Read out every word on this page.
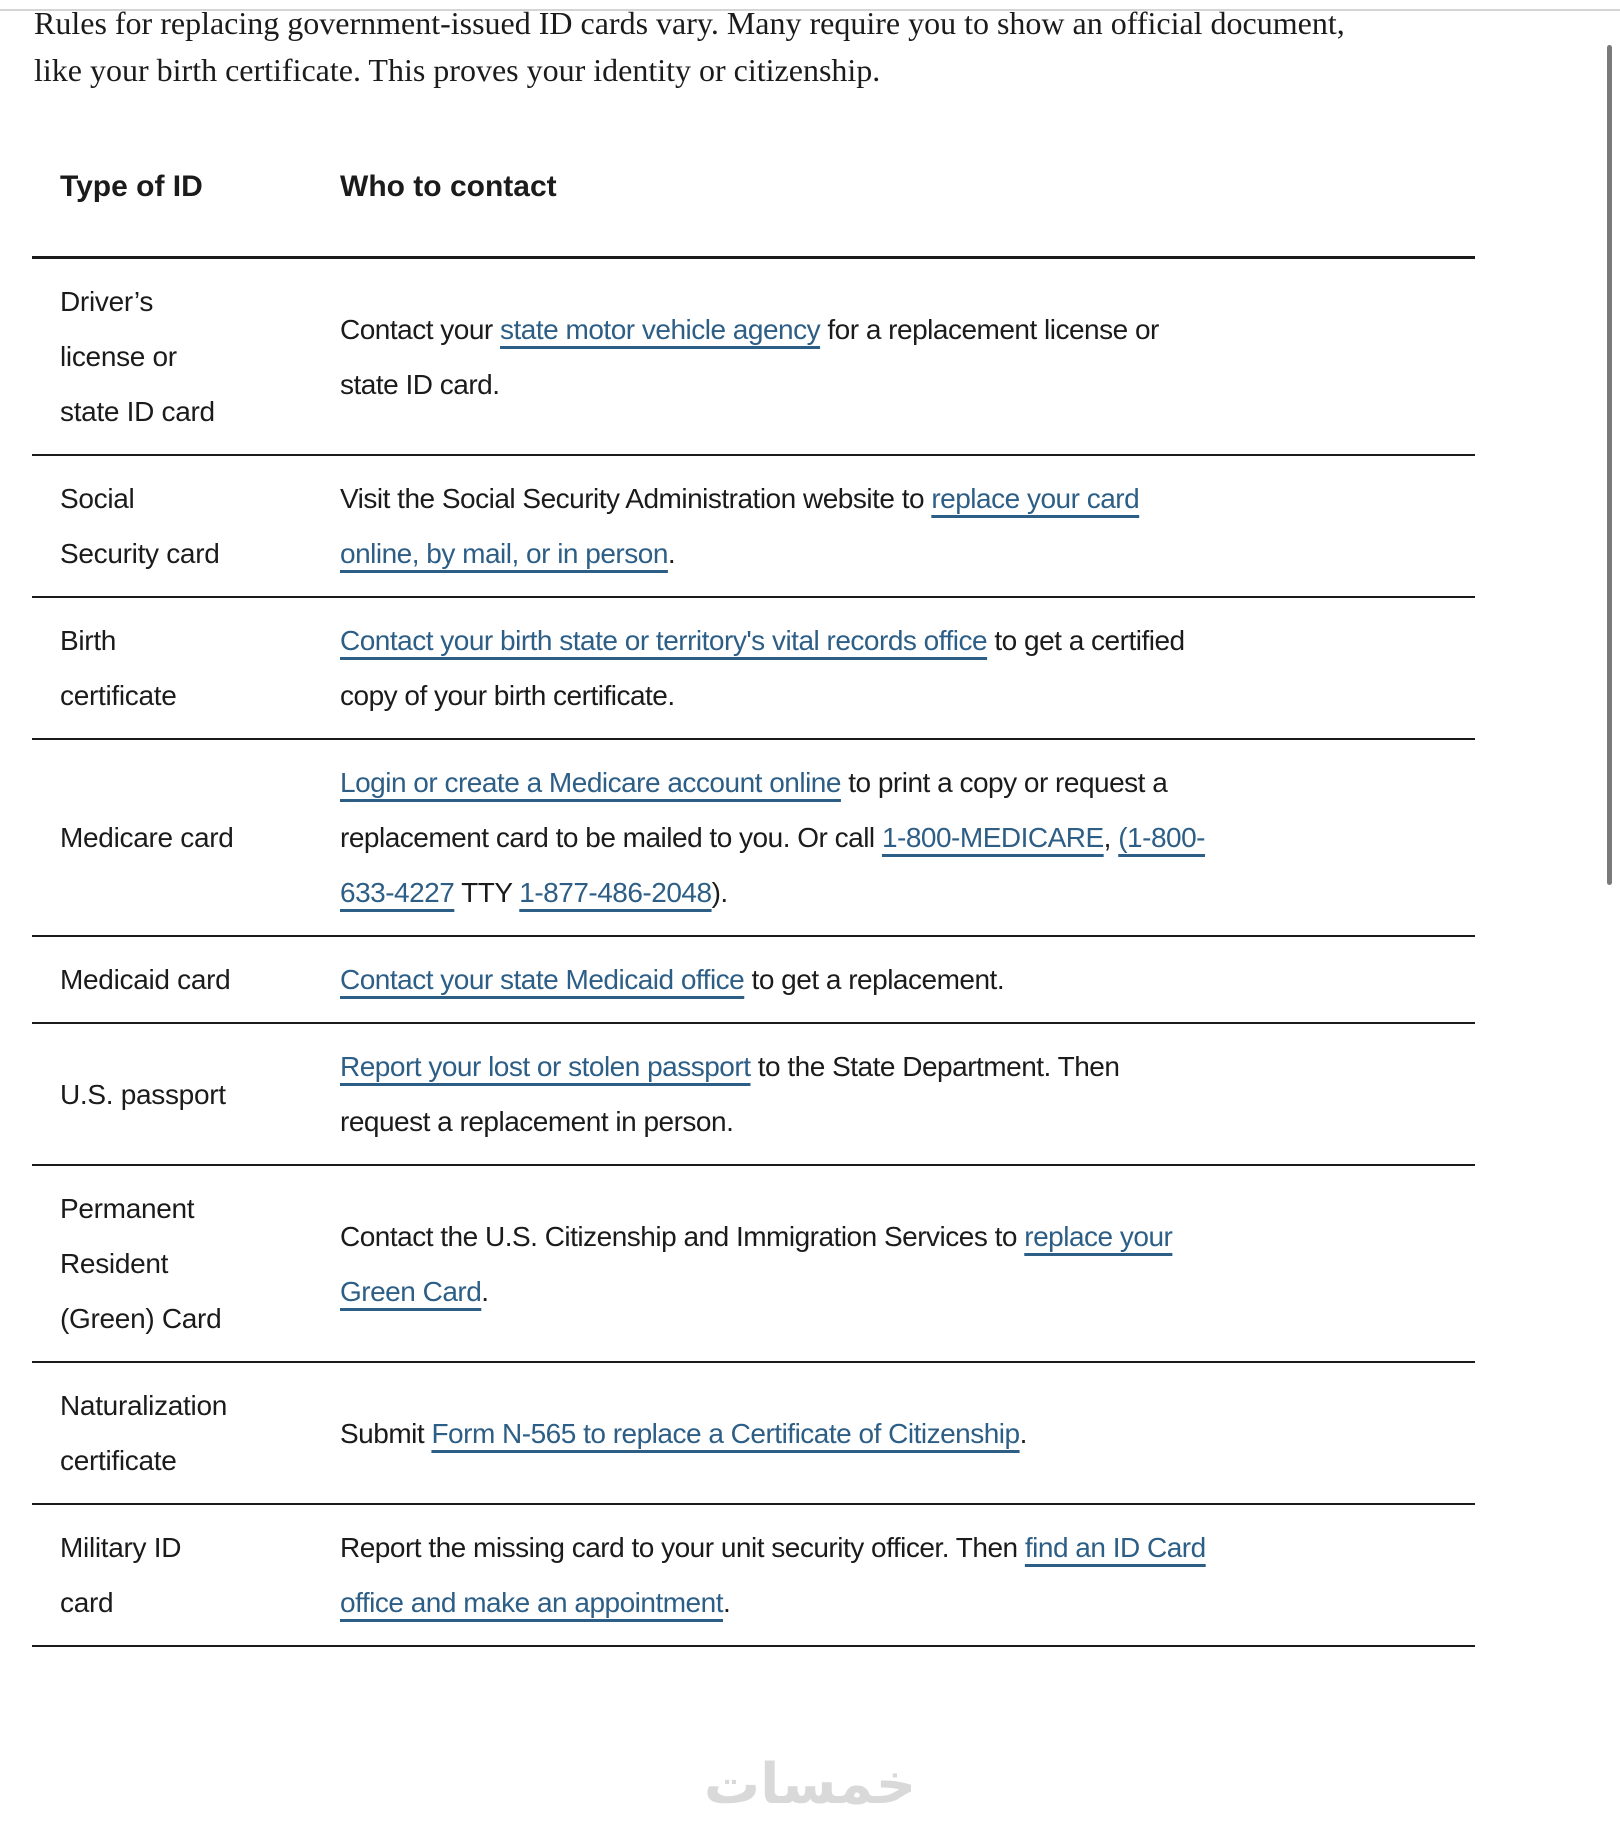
Rules for replacing government-issued ID cards vary. Many require you to show an official document, like your birth certificate. This proves your identity or citizenship.

Type of ID	Who to contact
Driver’s
license or
state ID card
Contact your state motor vehicle agency for a replacement license or
state ID card.
Social
Security card
Visit the Social Security Administration website to replace your card
online, by mail, or in person.
Birth
certificate
Contact your birth state or territory's vital records office to get a certified
copy of your birth certificate.
Medicare card
Login or create a Medicare account online to print a copy or request a
replacement card to be mailed to you. Or call 1-800-MEDICARE, (1-800-
633-4227 TTY 1-877-486-2048).
Medicaid card	Contact your state Medicaid office to get a replacement.
U.S. passport
Report your lost or stolen passport to the State Department. Then
request a replacement in person.
Permanent
Resident
(Green) Card
Contact the U.S. Citizenship and Immigration Services to replace your
Green Card.
Naturalization
certificate
Submit Form N-565 to replace a Certificate of Citizenship.
Military ID
card
Report the missing card to your unit security officer. Then find an ID Card
office and make an appointment.
خمسات
